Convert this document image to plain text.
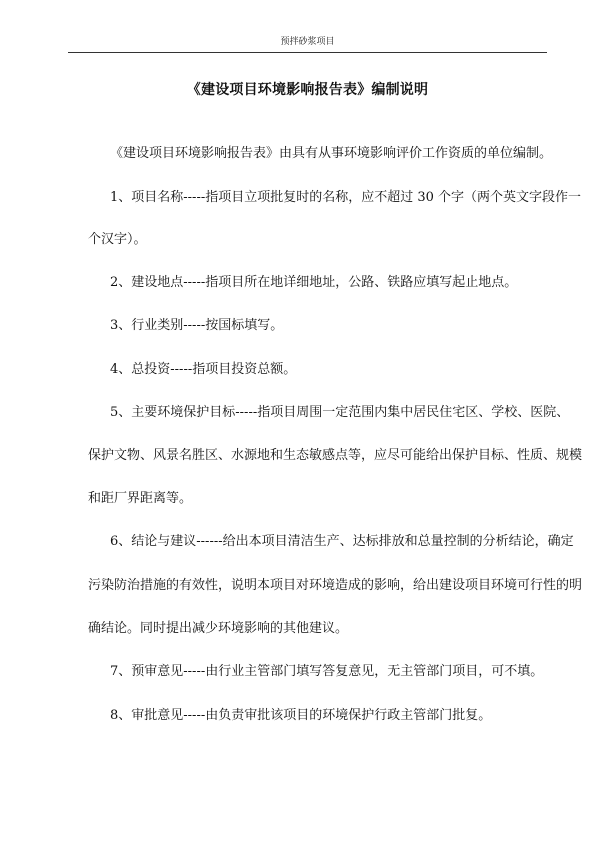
预拌砂浆项目
《建设项目环境影响报告表》编制说明
《建设项目环境影响报告表》由具有从事环境影响评价工作资质的单位编制。
1、项目名称-----指项目立项批复时的名称，应不超过 30 个字（两个英文字段作一
个汉字）。
2、建设地点-----指项目所在地详细地址，公路、铁路应填写起止地点。
3、行业类别-----按国标填写。
4、总投资-----指项目投资总额。
5、主要环境保护目标-----指项目周围一定范围内集中居民住宅区、学校、医院、
保护文物、风景名胜区、水源地和生态敏感点等，应尽可能给出保护目标、性质、规模
和距厂界距离等。
6、结论与建议------给出本项目清洁生产、达标排放和总量控制的分析结论，确定
污染防治措施的有效性，说明本项目对环境造成的影响，给出建设项目环境可行性的明
确结论。同时提出减少环境影响的其他建议。
7、预审意见-----由行业主管部门填写答复意见，无主管部门项目，可不填。
8、审批意见-----由负责审批该项目的环境保护行政主管部门批复。
